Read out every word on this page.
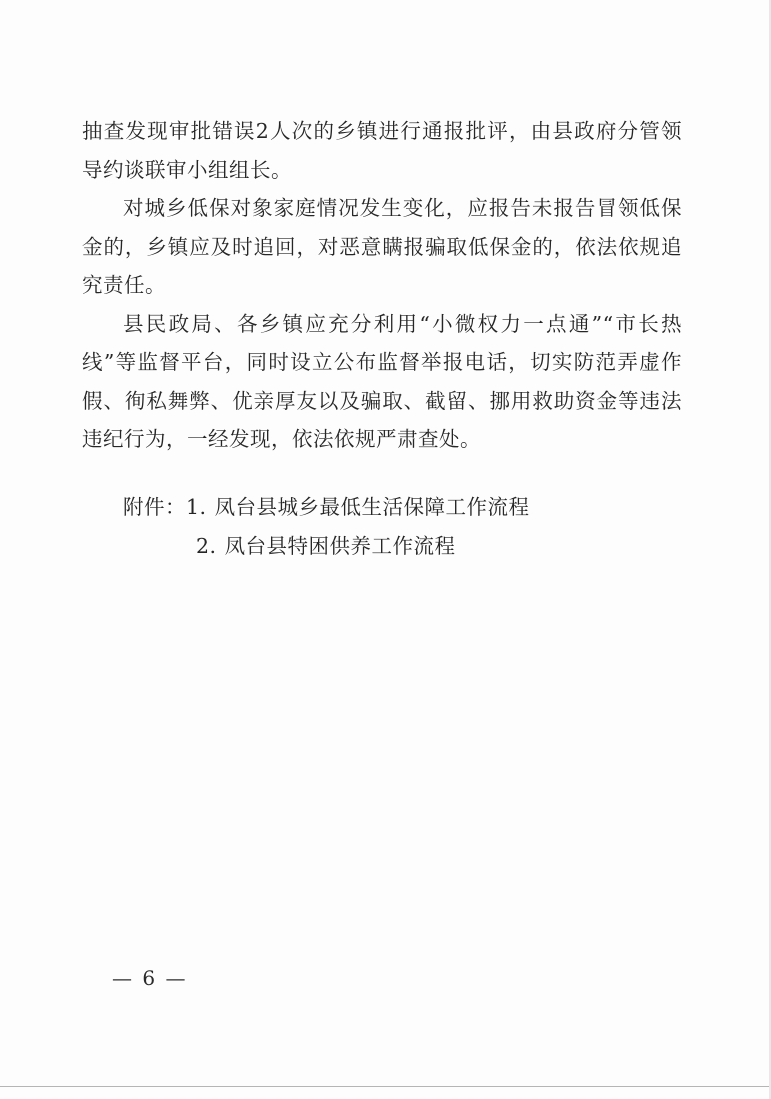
抽查发现审批错误2人次的乡镇进行通报批评，由县政府分管领导约谈联审小组组长。

对城乡低保对象家庭情况发生变化，应报告未报告冒领低保金的，乡镇应及时追回，对恶意瞒报骗取低保金的，依法依规追究责任。

县民政局、各乡镇应充分利用“小微权力一点通”“市长热线”等监督平台，同时设立公布监督举报电话，切实防范弄虚作假、徇私舞弊、优亲厚友以及骗取、截留、挪用救助资金等违法违纪行为，一经发现，依法依规严肃查处。

附件：1. 凤台县城乡最低生活保障工作流程
2. 凤台县特困供养工作流程
— 6 —
